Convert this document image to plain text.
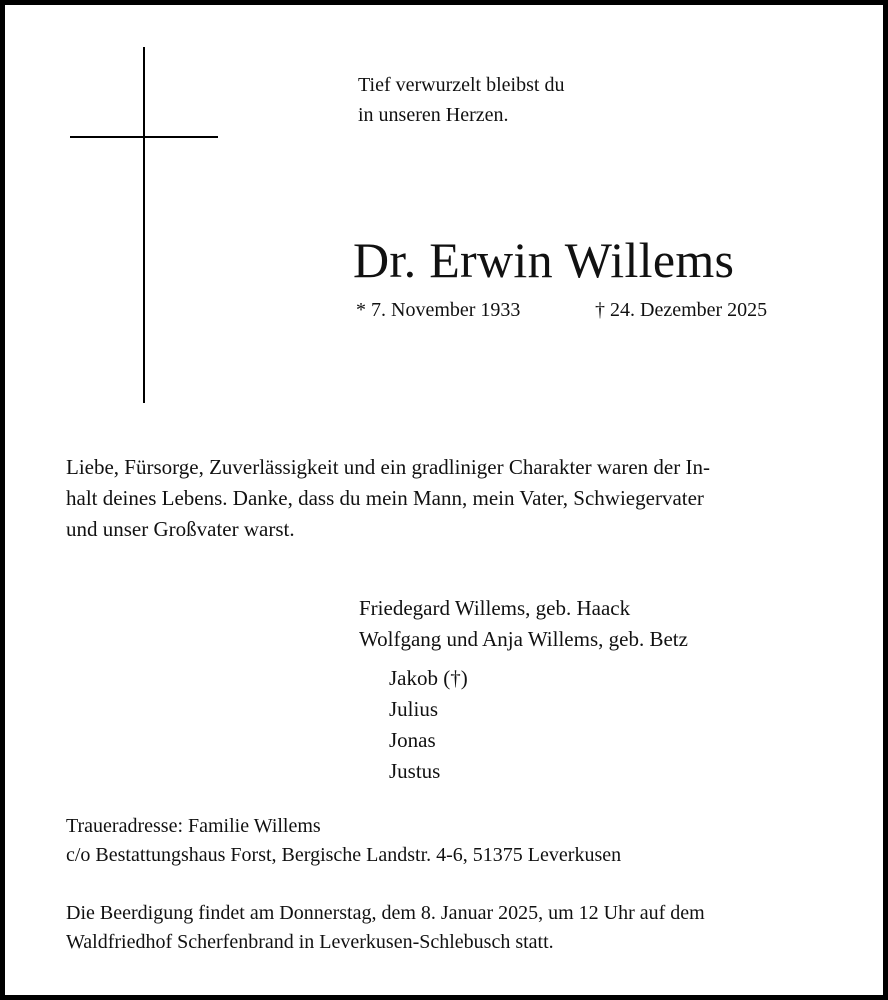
Tief verwurzelt bleibst du
in unseren Herzen.
Dr. Erwin Willems
* 7. November 1933	† 24. Dezember 2025
Liebe, Fürsorge, Zuverlässigkeit und ein gradliniger Charakter waren der In-
halt deines Lebens. Danke, dass du mein Mann, mein Vater, Schwiegervater
und unser Großvater warst.
Friedegard Willems, geb. Haack
Wolfgang und Anja Willems, geb. Betz
Jakob (†)
Julius
Jonas
Justus
Traueradresse: Familie Willems
c/o Bestattungshaus Forst, Bergische Landstr. 4-6, 51375 Leverkusen
Die Beerdigung findet am Donnerstag, dem 8. Januar 2025, um 12 Uhr auf dem
Waldfriedhof Scherfenbrand in Leverkusen-Schlebusch statt.
